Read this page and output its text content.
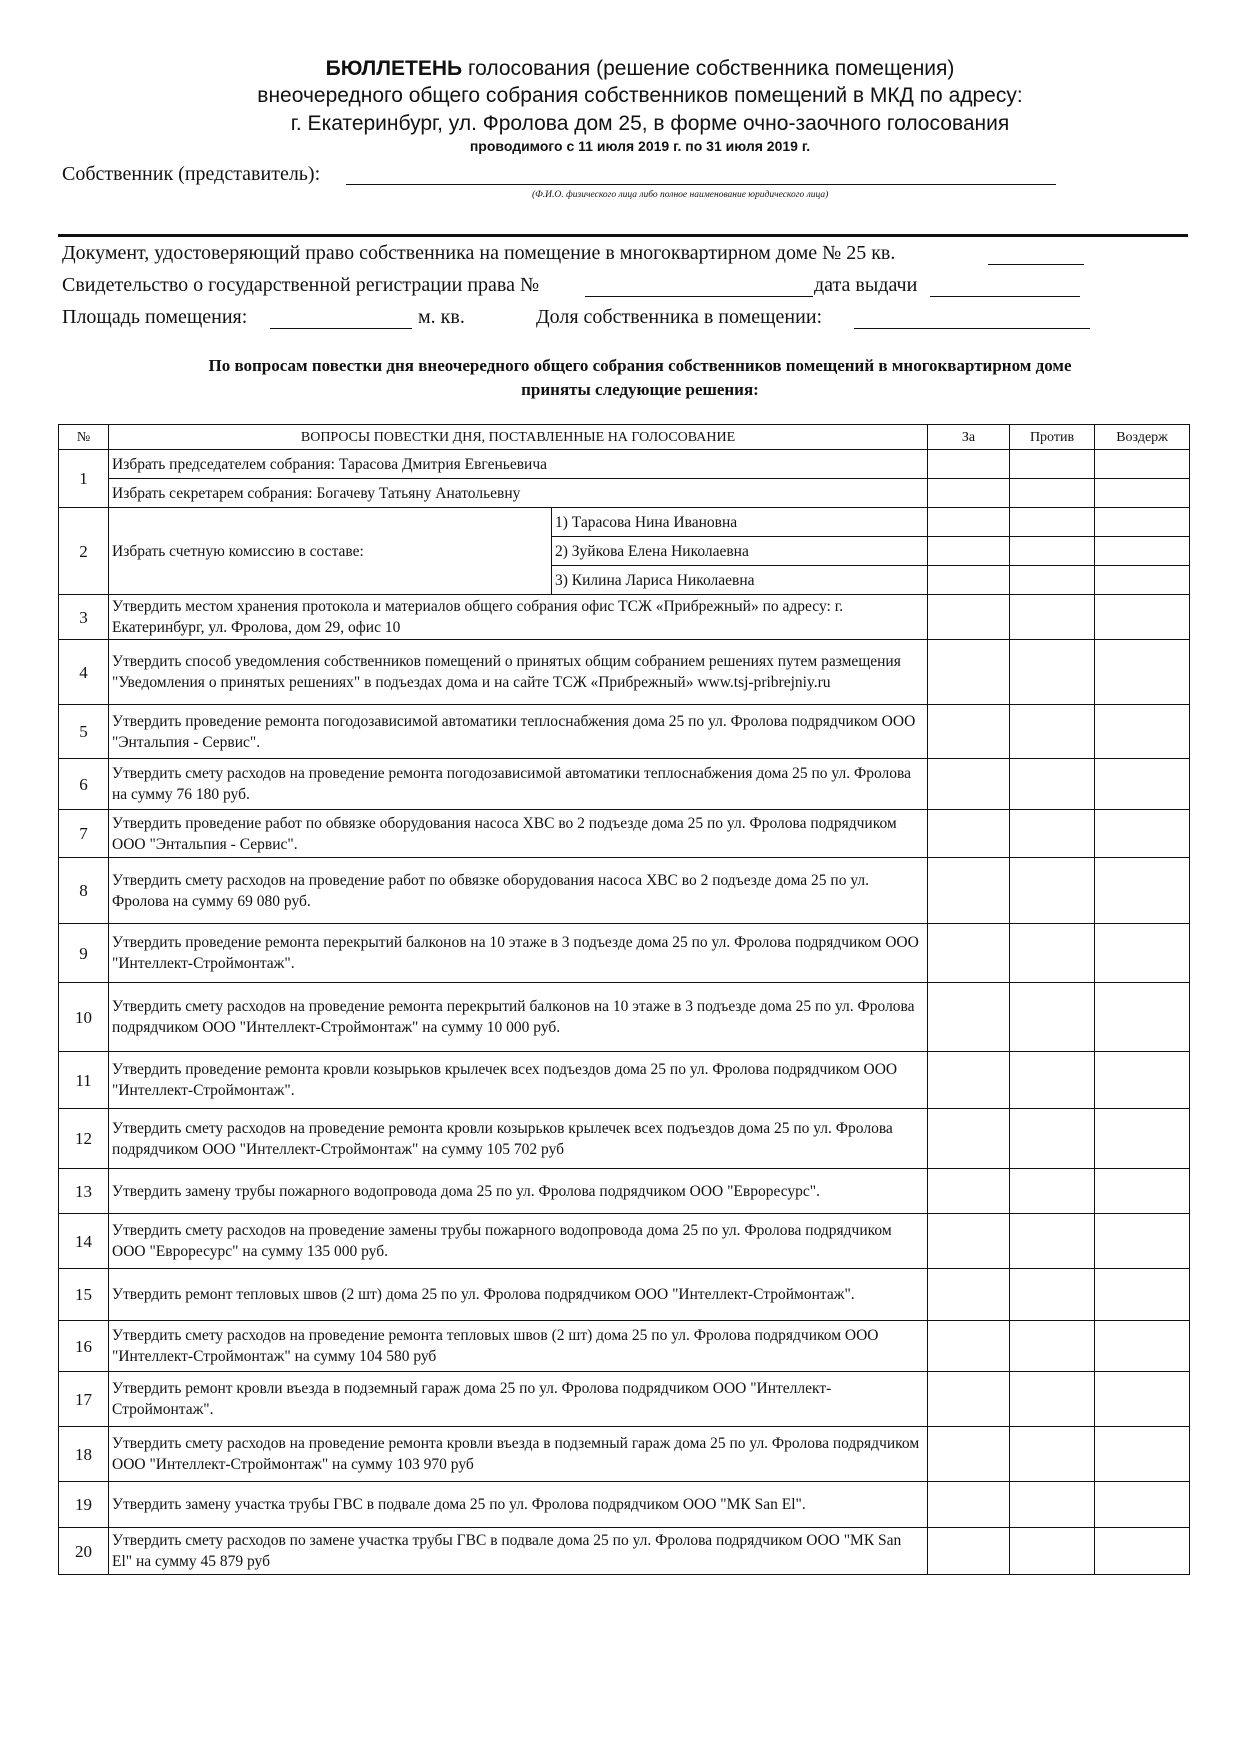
БЮЛЛЕТЕНЬ голосования (решение собственника помещения)
внеочередного общего собрания собственников помещений в МКД по адресу:
г. Екатеринбург, ул. Фролова дом 25, в форме очно-заочного голосования
проводимого с 11 июля 2019 г. по 31 июля 2019 г.
Собственник (представитель):
(Ф.И.О. физического лица либо полное наименование юридического лица)
Документ, удостоверяющий право собственника на помещение в многоквартирном доме № 25 кв.
Свидетельство о государственной регистрации права №	дата выдачи
Площадь помещения:	м. кв.	Доля собственника в помещении:
По вопросам повестки дня внеочередного общего собрания собственников помещений в многоквартирном доме
приняты следующие решения:
№	ВОПРОСЫ ПОВЕСТКИ ДНЯ, ПОСТАВЛЕННЫЕ НА ГОЛОСОВАНИЕ		За	Против	Воздерж
1	Избрать председателем собрания: Тарасова Дмитрия Евгеньевича				
	Избрать секретарем собрания: Богачеву Татьяну Анатольевну				
2	Избрать счетную комиссию в составе:	1) Тарасова Нина Ивановна			
		2) Зуйкова Елена Николаевна			
		3) Килина Лариса Николаевна			
3	Утвердить местом хранения протокола и материалов общего собрания офис ТСЖ «Прибрежный» по адресу: г. Екатеринбург, ул. Фролова, дом 29, офис 10				
4	Утвердить способ уведомления собственников помещений о принятых общим собранием решениях путем размещения "Уведомления о принятых решениях" в подъездах дома и на сайте ТСЖ «Прибрежный» www.tsj-pribrejniy.ru				
5	Утвердить проведение ремонта погодозависимой автоматики теплоснабжения дома 25 по ул. Фролова подрядчиком ООО "Энтальпия - Сервис".				
6	Утвердить смету расходов на проведение ремонта погодозависимой автоматики теплоснабжения дома 25 по ул. Фролова на сумму 76 180 руб.				
7	Утвердить проведение работ по обвязке оборудования насоса ХВС во 2 подъезде дома 25 по ул. Фролова подрядчиком ООО "Энтальпия - Сервис".				
8	Утвердить смету расходов на проведение работ по обвязке оборудования насоса ХВС во 2 подъезде дома 25 по ул. Фролова на сумму 69 080 руб.				
9	Утвердить проведение ремонта перекрытий балконов на 10 этаже в 3 подъезде дома 25 по ул. Фролова подрядчиком ООО "Интеллект-Строймонтаж".				
10	Утвердить смету расходов на проведение ремонта перекрытий балконов на 10 этаже в 3 подъезде дома 25 по ул. Фролова подрядчиком ООО "Интеллект-Строймонтаж" на сумму 10 000 руб.				
11	Утвердить проведение ремонта кровли козырьков крылечек всех подъездов дома 25 по ул. Фролова подрядчиком ООО "Интеллект-Строймонтаж".				
12	Утвердить смету расходов на проведение ремонта кровли козырьков крылечек всех подъездов дома 25 по ул. Фролова подрядчиком ООО "Интеллект-Строймонтаж" на сумму 105 702 руб				
13	Утвердить замену трубы пожарного водопровода дома 25 по ул. Фролова подрядчиком ООО "Евроресурс".				
14	Утвердить смету расходов на проведение замены трубы пожарного водопровода дома 25 по ул. Фролова подрядчиком ООО "Евроресурс" на сумму 135 000 руб.				
15	Утвердить ремонт тепловых швов (2 шт) дома 25 по ул. Фролова подрядчиком ООО "Интеллект-Строймонтаж".				
16	Утвердить смету расходов на проведение ремонта тепловых швов (2 шт) дома 25 по ул. Фролова подрядчиком ООО "Интеллект-Строймонтаж" на сумму 104 580 руб				
17	Утвердить ремонт кровли въезда в подземный гараж дома 25 по ул. Фролова подрядчиком ООО "Интеллект-Строймонтаж".				
18	Утвердить смету расходов на проведение ремонта кровли въезда в подземный гараж дома 25 по ул. Фролова подрядчиком ООО "Интеллект-Строймонтаж" на сумму 103 970 руб				
19	Утвердить замену участка трубы ГВС в подвале дома 25 по ул. Фролова подрядчиком ООО "МК San El".				
20	Утвердить смету расходов по замене участка трубы ГВС в подвале дома 25 по ул. Фролова подрядчиком ООО "МК San El" на сумму 45 879 руб				
